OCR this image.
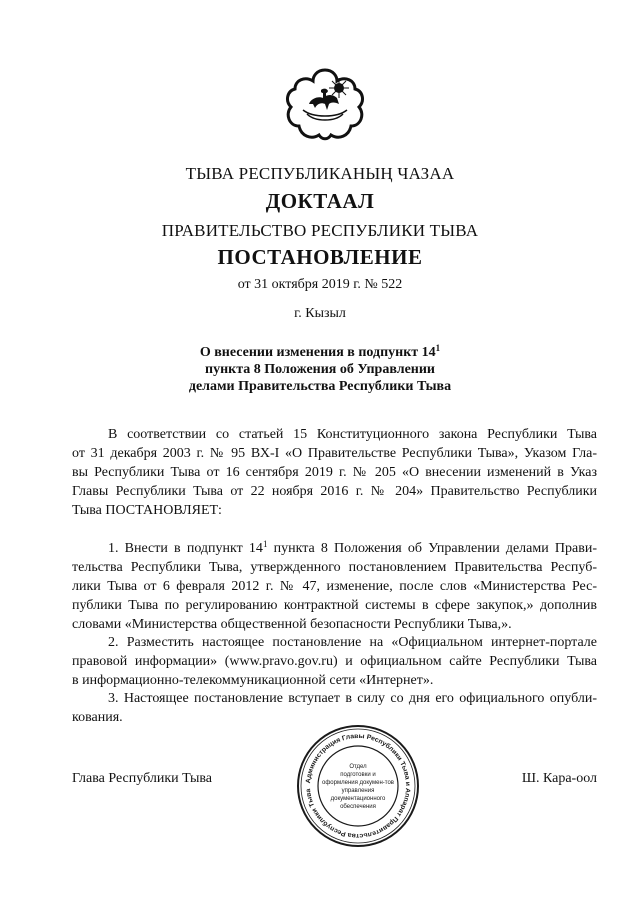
ТЫВА РЕСПУБЛИКАНЫҢ ЧАЗАА
ДОКТААЛ
ПРАВИТЕЛЬСТВО РЕСПУБЛИКИ ТЫВА
ПОСТАНОВЛЕНИЕ
от 31 октября 2019 г. № 522
г. Кызыл
О внесении изменения в подпункт $14^1$
пункта 8 Положения об Управлении
делами Правительства Республики Тыва
В соответствии со статьей 15 Конституционного закона Республики Тыва
от 31 декабря 2003 г. № 95 ВХ-I «О Правительстве Республики Тыва», Указом Гла-
вы Республики Тыва от 16 сентября 2019 г. № 205 «О внесении изменений в Указ
Главы Республики Тыва от 22 ноября 2016 г. № 204» Правительство Республики
Тыва ПОСТАНОВЛЯЕТ:
1. Внести в подпункт $14^1$ пункта 8 Положения об Управлении делами Прави-
тельства Республики Тыва, утвержденного постановлением Правительства Респуб-
лики Тыва от 6 февраля 2012 г. № 47, изменение, после слов «Министерства Рес-
публики Тыва по регулированию контрактной системы в сфере закупок,» дополнив
словами «Министерства общественной безопасности Республики Тыва,».
2. Разместить настоящее постановление на «Официальном интернет-портале
правовой информации» (www.pravo.gov.ru) и официальном сайте Республики Тыва
в информационно-телекоммуникационной сети «Интернет».
3. Настоящее постановление вступает в силу со дня его официального опубли-
кования.
Глава Республики Тыва	Ш. Кара-оол
Администрация Главы Республики Тыва и Аппарат Правительства Республики Тыва
Отдел
подготовки и
оформления докумен-тов
управления
документационного
обеспечения
